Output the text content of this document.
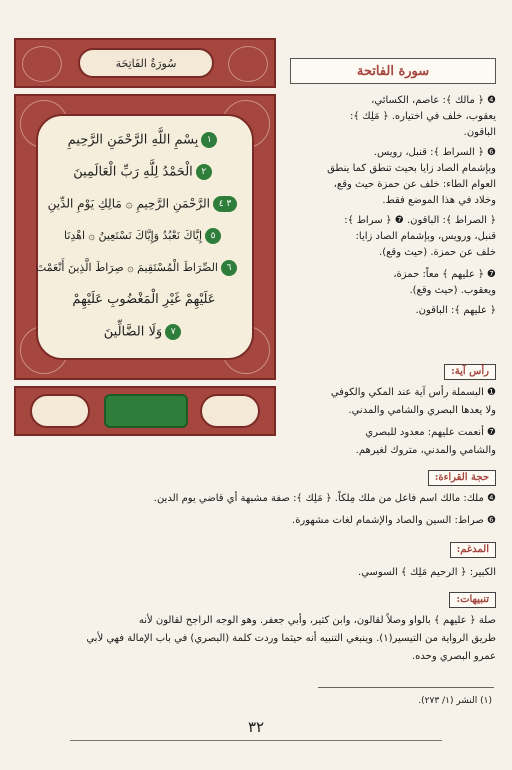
سُورَةُ الفَاتِحَة
١بِسْمِ اللَّهِ الرَّحْمَنِ الرَّحِيمِ
٢الْحَمْدُ لِلَّهِ رَبِّ الْعَالَمِينَ
٣ ٤الرَّحْمَنِ الرَّحِيمِ ۞ مَالِكِ يَوْمِ الدِّينِ
٥إِيَّاكَ نَعْبُدُ وَإِيَّاكَ نَسْتَعِينُ ۞ اهْدِنَا
٦الصِّرَاطَ الْمُسْتَقِيمَ ۞ صِرَاطَ الَّذِينَ أَنْعَمْتَ
عَلَيْهِمْ غَيْرِ الْمَغْضُوبِ عَلَيْهِمْ
٧وَلَا الضَّالِّينَ
سورة الفاتحة
❹ ﴿ مالك ﴾: عاصم، الكسائي،
يعقوب، خلف في اختياره. ﴿ مَلِك ﴾:
الباقون.
❻ ﴿ السراط ﴾: قنبل، رويس.
وبإشمام الصاد زايا بحيث تنطق كما ينطق
العوام الطاء: خلف عن حمزة حيث وقع،
وخلاد في هذا الموضع فقط.
﴿ الصراط ﴾: الباقون. ❼ ﴿ سراط ﴾:
قنبل، ورويس، وبإشمام الصاد زايا:
خلف عن حمزة. (حيث وقع).
❼ ﴿ عليهم ﴾ معاً: حمزة،
ويعقوب. (حيث وقع).
﴿ عليهم ﴾: الباقون.
رأس آية:
❶ البسملة رأس آية عند المكي والكوفي
ولا يعدها البصري والشامي والمدني.
❼ أنعمت عليهم: معدود للبصري
والشامي والمدني، متروك لغيرهم.
حجة القراءة:
❹ ملك: مالك اسم فاعل من ملك مِلكاً. ﴿ مَلِك ﴾: صفة مشبهة أي قاضي يوم الدين.
❻ صراط: السين والصاد والإشمام لغات مشهورة.
المدغم:
الكبير: ﴿ الرحيم مَلِك ﴾ السوسي.
تنبيهات:
صلة ﴿ عليهم ﴾ بالواو وصلاً لقالون، وابن كثير، وأبي جعفر. وهو الوجه الراجح لقالون لأنه
طريق الرواية من التيسير(١). وينبغي التنبيه أنه حيثما وردت كلمة (البصري) في باب الإمالة فهي لأبي
عمرو البصري وحده.
(١) النشر (١/ ٢٧٣).
٣٢
